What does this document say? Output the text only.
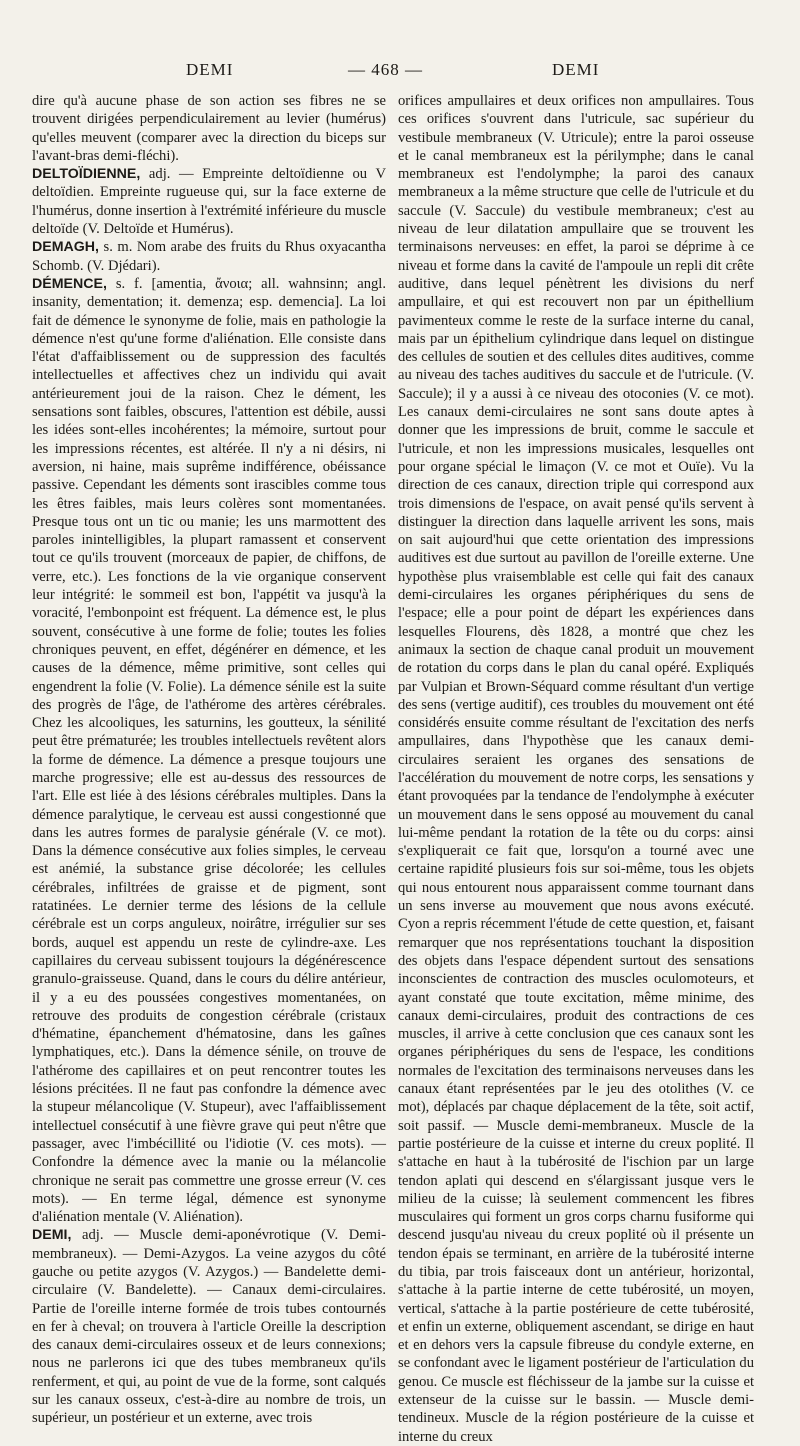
DEMI	— 468 —	DEMI

dire qu'à aucune phase de son action ses fibres ne se trouvent dirigées perpendiculairement au levier (humérus) qu'elles meuvent (comparer avec la direction du biceps sur l'avant-bras demi-fléchi).

DELTOÏDIENNE, adj. — Empreinte deltoïdienne ou V deltoïdien. Empreinte rugueuse qui, sur la face externe de l'humérus, donne insertion à l'extrémité inférieure du muscle deltoïde (V. Deltoïde et Humérus).

DEMAGH, s. m. Nom arabe des fruits du Rhus oxyacantha Schomb. (V. Djédari).

DÉMENCE, s. f. [amentia, ἄνοια; all. wahnsinn; angl. insanity, dementation; it. demenza; esp. demencia]. La loi fait de démence le synonyme de folie, mais en pathologie la démence n'est qu'une forme d'aliénation. Elle consiste dans l'état d'affaiblissement ou de suppression des facultés intellectuelles et affectives chez un individu qui avait antérieurement joui de la raison. Chez le dément, les sensations sont faibles, obscures, l'attention est débile, aussi les idées sont-elles incohérentes; la mémoire, surtout pour les impressions récentes, est altérée. Il n'y a ni désirs, ni aversion, ni haine, mais suprême indifférence, obéissance passive. Cependant les déments sont irascibles comme tous les êtres faibles, mais leurs colères sont momentanées. Presque tous ont un tic ou manie; les uns marmottent des paroles inintelligibles, la plupart ramassent et conservent tout ce qu'ils trouvent (morceaux de papier, de chiffons, de verre, etc.). Les fonctions de la vie organique conservent leur intégrité: le sommeil est bon, l'appétit va jusqu'à la voracité, l'embonpoint est fréquent. La démence est, le plus souvent, consécutive à une forme de folie; toutes les folies chroniques peuvent, en effet, dégénérer en démence, et les causes de la démence, même primitive, sont celles qui engendrent la folie (V. Folie). La démence sénile est la suite des progrès de l'âge, de l'athérome des artères cérébrales. Chez les alcooliques, les saturnins, les goutteux, la sénilité peut être prématurée; les troubles intellectuels revêtent alors la forme de démence. La démence a presque toujours une marche progressive; elle est au-dessus des ressources de l'art. Elle est liée à des lésions cérébrales multiples. Dans la démence paralytique, le cerveau est aussi congestionné que dans les autres formes de paralysie générale (V. ce mot). Dans la démence consécutive aux folies simples, le cerveau est anémié, la substance grise décolorée; les cellules cérébrales, infiltrées de graisse et de pigment, sont ratatinées. Le dernier terme des lésions de la cellule cérébrale est un corps anguleux, noirâtre, irrégulier sur ses bords, auquel est appendu un reste de cylindre-axe. Les capillaires du cerveau subissent toujours la dégénérescence granulo-graisseuse. Quand, dans le cours du délire antérieur, il y a eu des poussées congestives momentanées, on retrouve des produits de congestion cérébrale (cristaux d'hématine, épanchement d'hématosine, dans les gaînes lymphatiques, etc.). Dans la démence sénile, on trouve de l'athérome des capillaires et on peut rencontrer toutes les lésions précitées. Il ne faut pas confondre la démence avec la stupeur mélancolique (V. Stupeur), avec l'affaiblissement intellectuel consécutif à une fièvre grave qui peut n'être que passager, avec l'imbécillité ou l'idiotie (V. ces mots). — Confondre la démence avec la manie ou la mélancolie chronique ne serait pas commettre une grosse erreur (V. ces mots). — En terme légal, démence est synonyme d'aliénation mentale (V. Aliénation).

DEMI, adj. — Muscle demi-aponévrotique (V. Demi-membraneux). — Demi-Azygos. La veine azygos du côté gauche ou petite azygos (V. Azygos.) — Bandelette demi-circulaire (V. Bandelette). — Canaux demi-circulaires. Partie de l'oreille interne formée de trois tubes contournés en fer à cheval; on trouvera à l'article Oreille la description des canaux demi-circulaires osseux et de leurs connexions; nous ne parlerons ici que des tubes membraneux qu'ils renferment, et qui, au point de vue de la forme, sont calqués sur les canaux osseux, c'est-à-dire au nombre de trois, un supérieur, un postérieur et un externe, avec trois

orifices ampullaires et deux orifices non ampullaires. Tous ces orifices s'ouvrent dans l'utricule, sac supérieur du vestibule membraneux (V. Utricule); entre la paroi osseuse et le canal membraneux est la périlymphe; dans le canal membraneux est l'endolymphe; la paroi des canaux membraneux a la même structure que celle de l'utricule et du saccule (V. Saccule) du vestibule membraneux; c'est au niveau de leur dilatation ampullaire que se trouvent les terminaisons nerveuses: en effet, la paroi se déprime à ce niveau et forme dans la cavité de l'ampoule un repli dit crête auditive, dans lequel pénètrent les divisions du nerf ampullaire, et qui est recouvert non par un épithellium pavimenteux comme le reste de la surface interne du canal, mais par un épithelium cylindrique dans lequel on distingue des cellules de soutien et des cellules dites auditives, comme au niveau des taches auditives du saccule et de l'utricule. (V. Saccule); il y a aussi à ce niveau des otoconies (V. ce mot). Les canaux demi-circulaires ne sont sans doute aptes à donner que les impressions de bruit, comme le saccule et l'utricule, et non les impressions musicales, lesquelles ont pour organe spécial le limaçon (V. ce mot et Ouïe). Vu la direction de ces canaux, direction triple qui correspond aux trois dimensions de l'espace, on avait pensé qu'ils servent à distinguer la direction dans laquelle arrivent les sons, mais on sait aujourd'hui que cette orientation des impressions auditives est due surtout au pavillon de l'oreille externe. Une hypothèse plus vraisemblable est celle qui fait des canaux demi-circulaires les organes périphériques du sens de l'espace; elle a pour point de départ les expériences dans lesquelles Flourens, dès 1828, a montré que chez les animaux la section de chaque canal produit un mouvement de rotation du corps dans le plan du canal opéré. Expliqués par Vulpian et Brown-Séquard comme résultant d'un vertige des sens (vertige auditif), ces troubles du mouvement ont été considérés ensuite comme résultant de l'excitation des nerfs ampullaires, dans l'hypothèse que les canaux demi-circulaires seraient les organes des sensations de l'accélération du mouvement de notre corps, les sensations y étant provoquées par la tendance de l'endolymphe à exécuter un mouvement dans le sens opposé au mouvement du canal lui-même pendant la rotation de la tête ou du corps: ainsi s'expliquerait ce fait que, lorsqu'on a tourné avec une certaine rapidité plusieurs fois sur soi-même, tous les objets qui nous entourent nous apparaissent comme tournant dans un sens inverse au mouvement que nous avons exécuté. Cyon a repris récemment l'étude de cette question, et, faisant remarquer que nos représentations touchant la disposition des objets dans l'espace dépendent surtout des sensations inconscientes de contraction des muscles oculomoteurs, et ayant constaté que toute excitation, même minime, des canaux demi-circulaires, produit des contractions de ces muscles, il arrive à cette conclusion que ces canaux sont les organes périphériques du sens de l'espace, les conditions normales de l'excitation des terminaisons nerveuses dans les canaux étant représentées par le jeu des otolithes (V. ce mot), déplacés par chaque déplacement de la tête, soit actif, soit passif. — Muscle demi-membraneux. Muscle de la partie postérieure de la cuisse et interne du creux poplité. Il s'attache en haut à la tubérosité de l'ischion par un large tendon aplati qui descend en s'élargissant jusque vers le milieu de la cuisse; là seulement commencent les fibres musculaires qui forment un gros corps charnu fusiforme qui descend jusqu'au niveau du creux poplité où il présente un tendon épais se terminant, en arrière de la tubérosité interne du tibia, par trois faisceaux dont un antérieur, horizontal, s'attache à la partie interne de cette tubérosité, un moyen, vertical, s'attache à la partie postérieure de cette tubérosité, et enfin un externe, obliquement ascendant, se dirige en haut et en dehors vers la capsule fibreuse du condyle externe, en se confondant avec le ligament postérieur de l'articulation du genou. Ce muscle est fléchisseur de la jambe sur la cuisse et extenseur de la cuisse sur le bassin. — Muscle demi-tendineux. Muscle de la région postérieure de la cuisse et interne du creux
